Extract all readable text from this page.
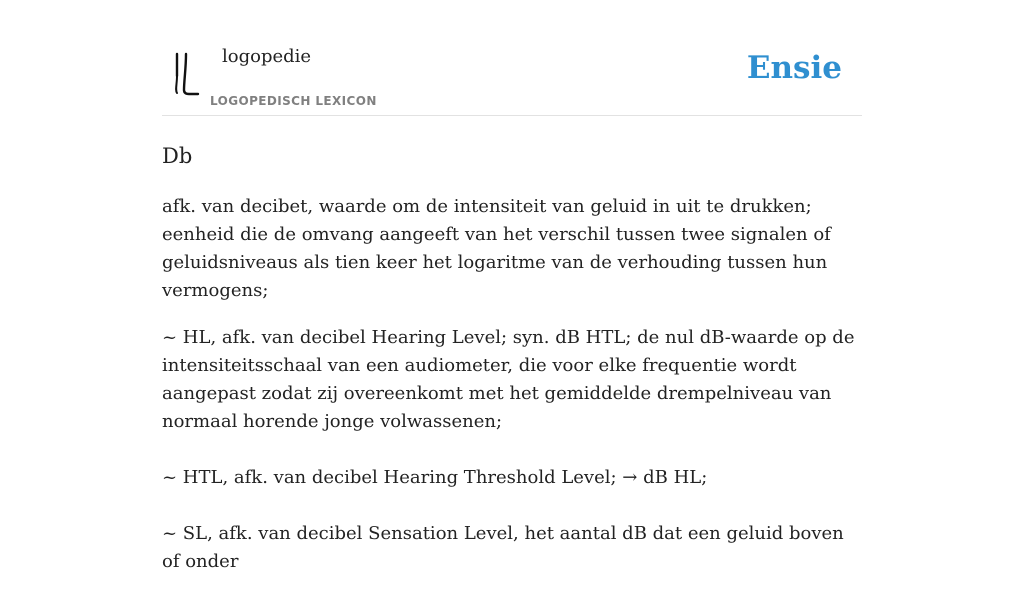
logopedie
LOGOPEDISCH LEXICON
Ensie
Db

afk. van decibet, waarde om de intensiteit van geluid in uit te drukken; eenheid die de omvang aangeeft van het verschil tussen twee signalen of geluidsniveaus als tien keer het logaritme van de verhouding tussen hun vermogens;

~ HL, afk. van decibel Hearing Level; syn. dB HTL; de nul dB-waarde op de intensiteitsschaal van een audiometer, die voor elke frequentie wordt aangepast zodat zij overeenkomt met het gemiddelde drempelniveau van normaal horende jonge volwassenen;

~ HTL, afk. van decibel Hearing Threshold Level; → dB HL;

~ SL, afk. van decibel Sensation Level, het aantal dB dat een geluid boven of onder
